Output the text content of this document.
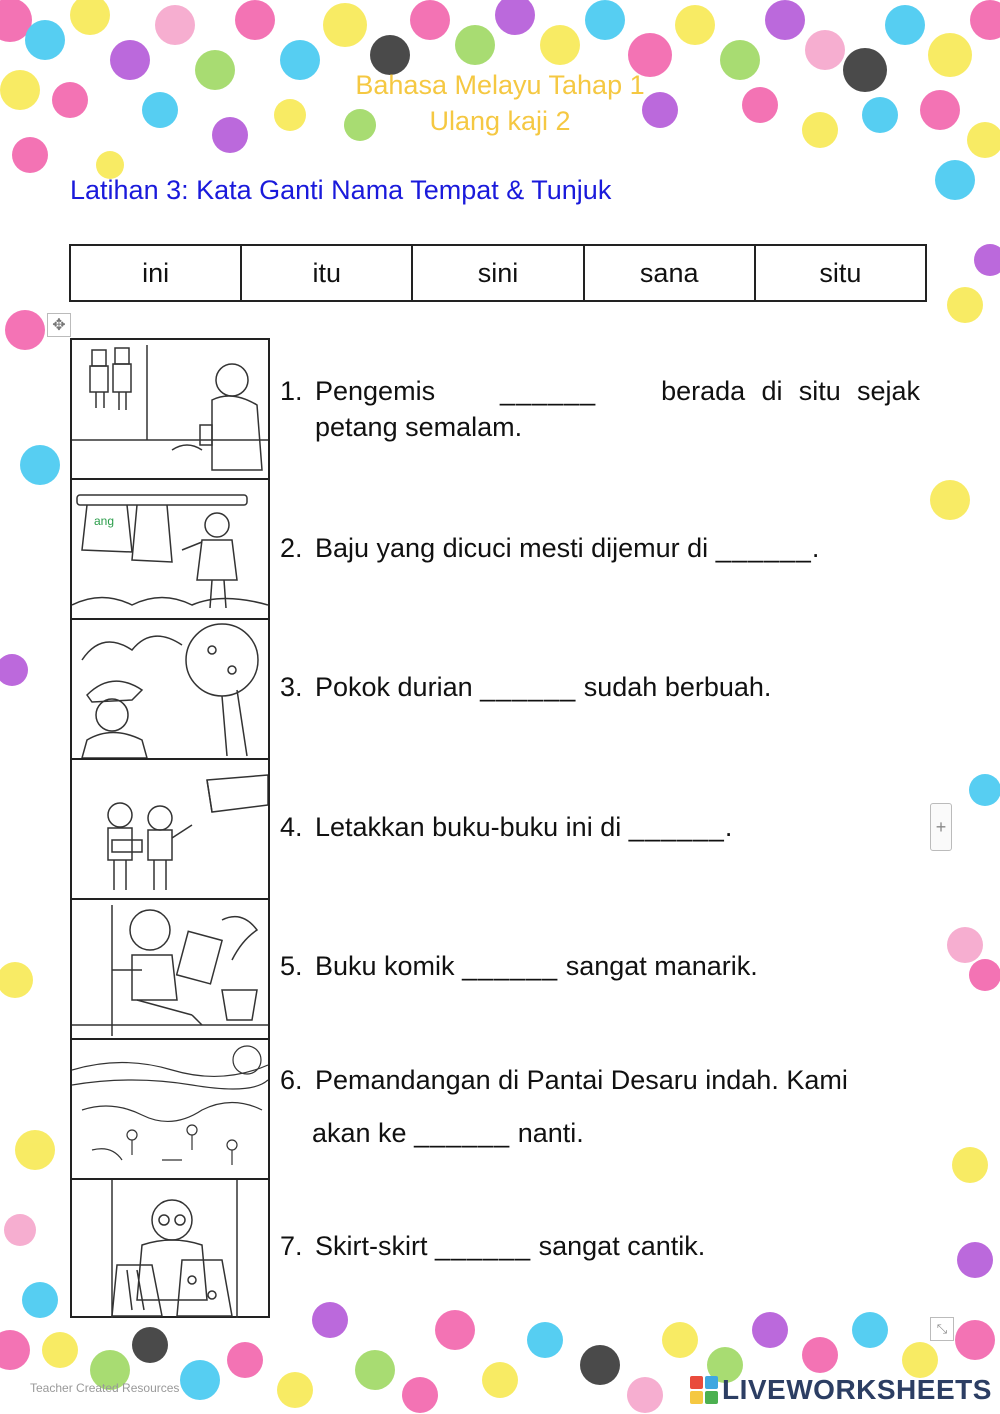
Bahasa Melayu Tahap 1
Ulang kaji 2
Latihan 3: Kata Ganti Nama Tempat & Tunjuk
ini	itu	sini	sana	situ
✥
ang
1. Pengemis ______ berada di situ sejak
petang semalam.
2. Baju yang dicuci mesti dijemur di ______.
3. Pokok durian ______ sudah berbuah.
4. Letakkan buku-buku ini di ______.
5. Buku komik ______ sangat manarik.
6. Pemandangan di Pantai Desaru indah. Kami
akan ke ______ nanti.
7. Skirt-skirt ______ sangat cantik.
+
⤡
Teacher Created Resources	LIVEWORKSHEETS
